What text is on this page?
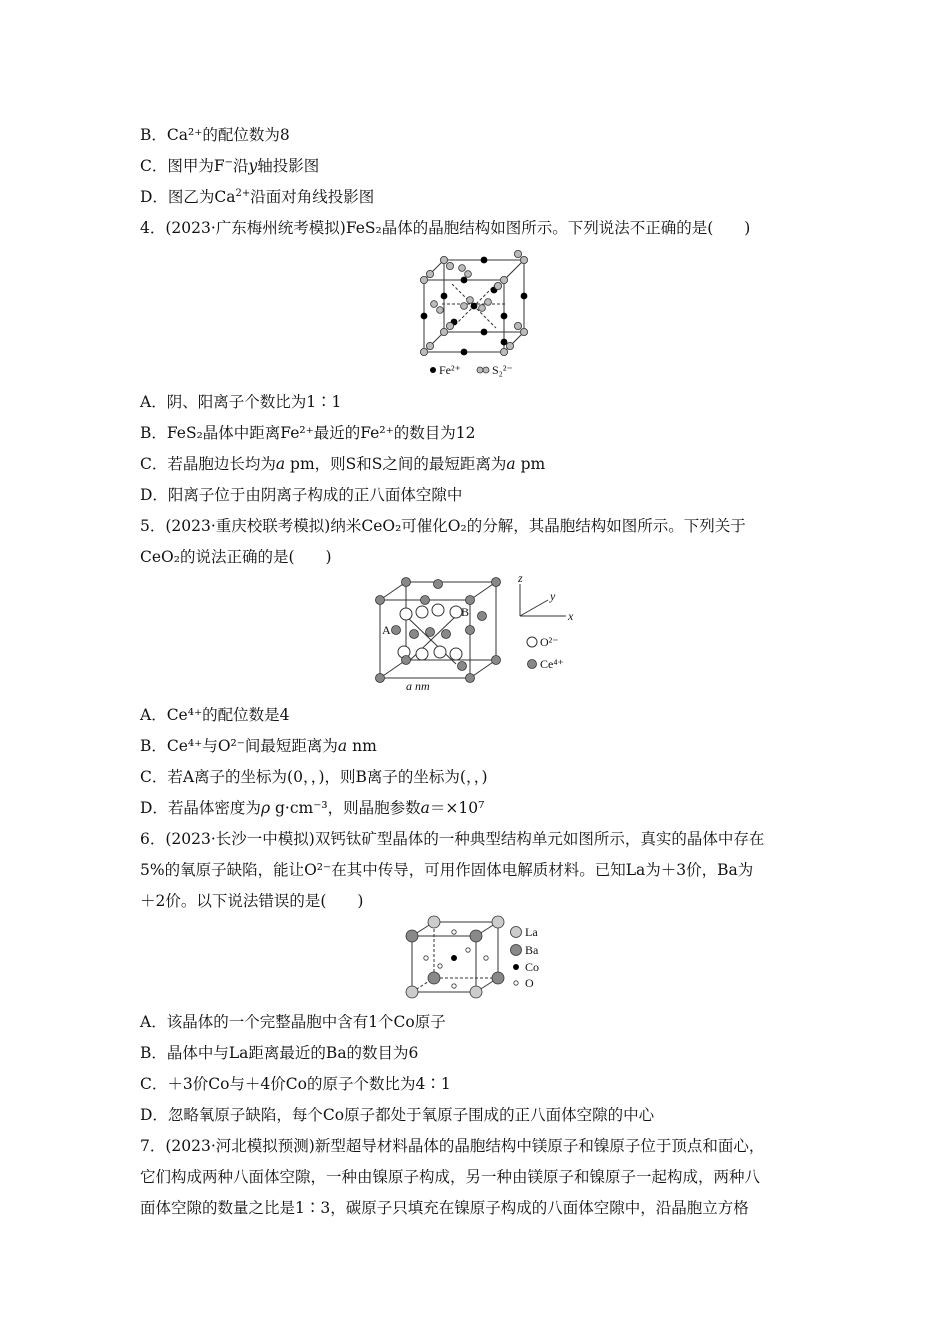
B．Ca²⁺的配位数为8
C．图甲为F−沿y轴投影图
D．图乙为$Ca^{2+}$沿面对角线投影图
4．(2023·广东梅州统考模拟)FeS₂晶体的晶胞结构如图所示。下列说法不正确的是(　　)
Fe²⁺	S₂²⁻
A．阴、阳离子个数比为1∶1
B．FeS₂晶体中距离Fe²⁺最近的Fe²⁺的数目为12
C．若晶胞边长均为a pm，则S和S之间的最短距离为a pm
D．阳离子位于由阴离子构成的正八面体空隙中
5．(2023·重庆校联考模拟)纳米CeO₂可催化O₂的分解，其晶胞结构如图所示。下列关于
CeO₂的说法正确的是(　　)
A
B
a nm
z
y
x
O²⁻
Ce⁴⁺
A．Ce⁴⁺的配位数是4
B．Ce⁴⁺与O²⁻间最短距离为a nm
C．若A离子的坐标为(0，，)，则B离子的坐标为(，，)
D．若晶体密度为ρ g·cm⁻³，则晶胞参数a＝×10⁷
6．(2023·长沙一中模拟)双钙钛矿型晶体的一种典型结构单元如图所示，真实的晶体中存在
5%的氧原子缺陷，能让O²⁻在其中传导，可用作固体电解质材料。已知La为＋3价，Ba为
＋2价。以下说法错误的是(　　)
La
Ba
Co
O
A．该晶体的一个完整晶胞中含有1个Co原子
B．晶体中与La距离最近的Ba的数目为6
C．＋3价Co与＋4价Co的原子个数比为4∶1
D．忽略氧原子缺陷，每个Co原子都处于氧原子围成的正八面体空隙的中心
7．(2023·河北模拟预测)新型超导材料晶体的晶胞结构中镁原子和镍原子位于顶点和面心，
它们构成两种八面体空隙，一种由镍原子构成，另一种由镁原子和镍原子一起构成，两种八
面体空隙的数量之比是1∶3，碳原子只填充在镍原子构成的八面体空隙中，沿晶胞立方格
